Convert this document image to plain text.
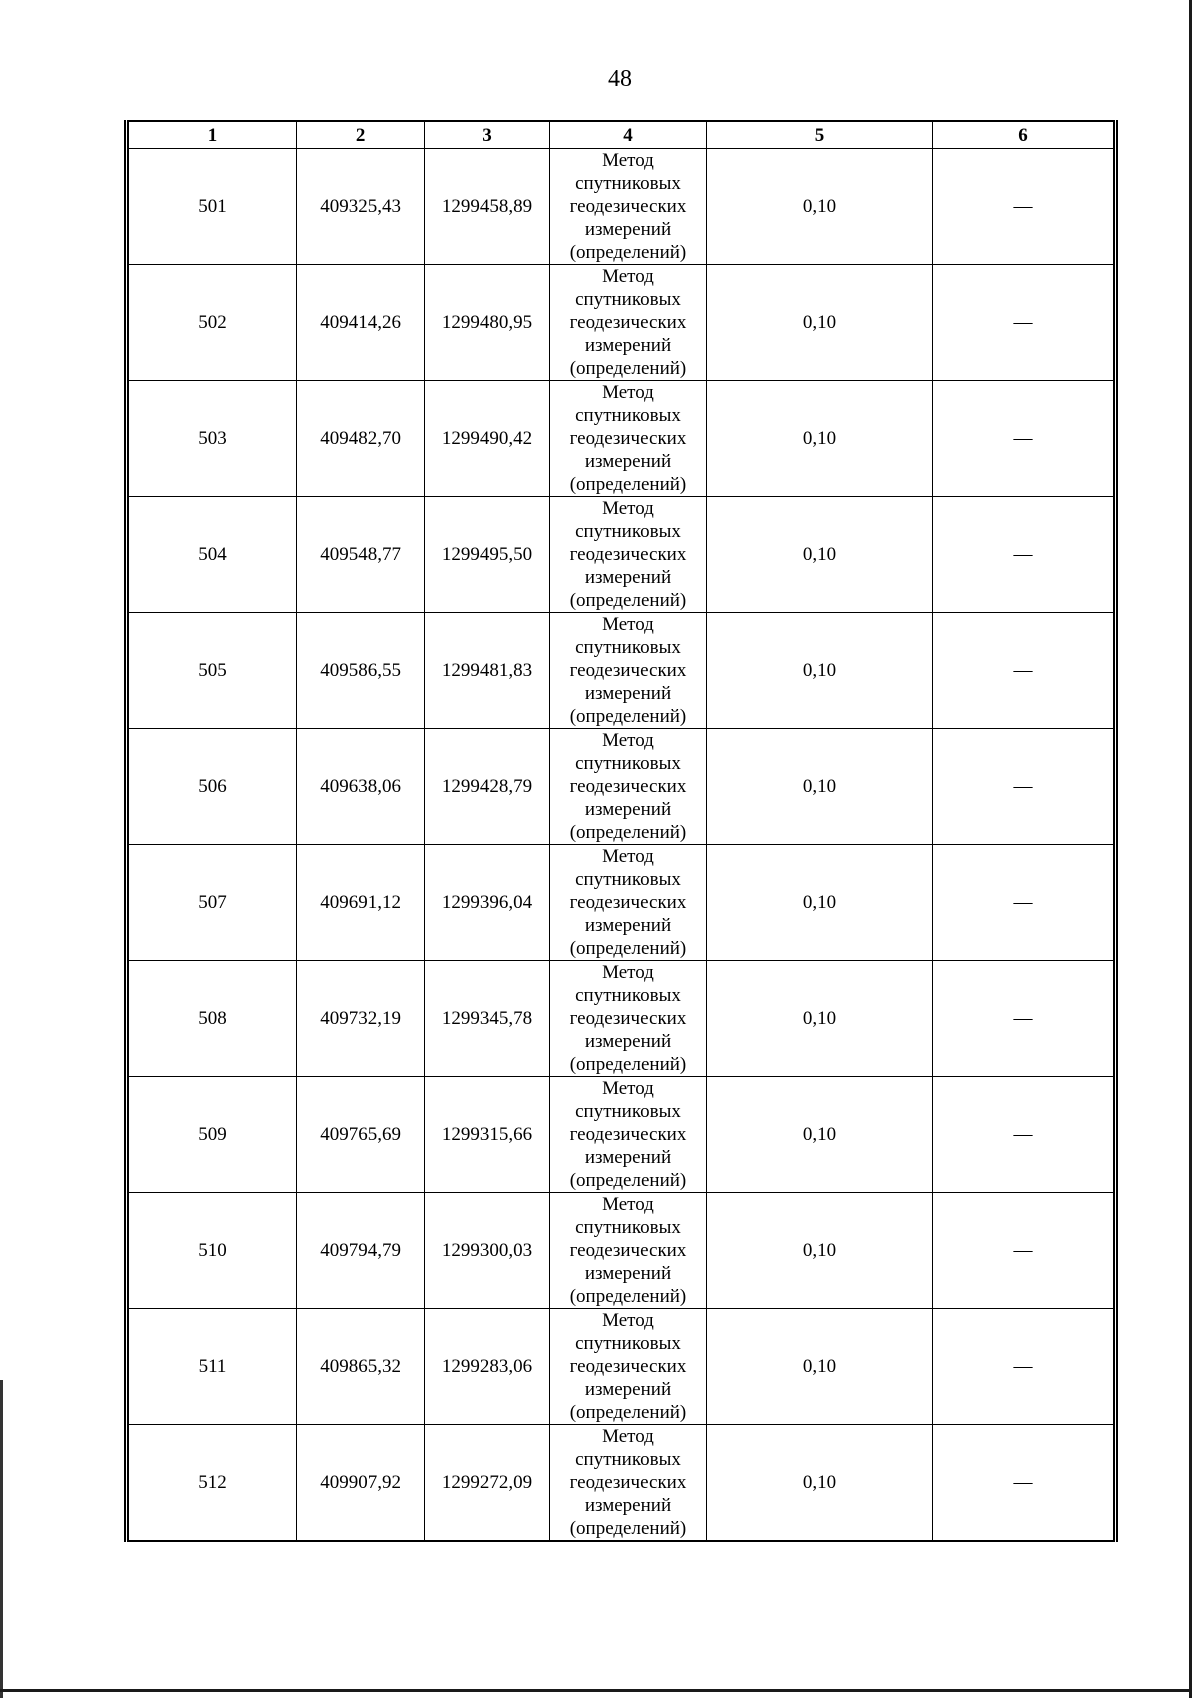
48
1	2	3	4	5	6
501	409325,43	1299458,89	Метод
спутниковых
геодезических
измерений
(определений)	0,10	—
502	409414,26	1299480,95	Метод
спутниковых
геодезических
измерений
(определений)	0,10	—
503	409482,70	1299490,42	Метод
спутниковых
геодезических
измерений
(определений)	0,10	—
504	409548,77	1299495,50	Метод
спутниковых
геодезических
измерений
(определений)	0,10	—
505	409586,55	1299481,83	Метод
спутниковых
геодезических
измерений
(определений)	0,10	—
506	409638,06	1299428,79	Метод
спутниковых
геодезических
измерений
(определений)	0,10	—
507	409691,12	1299396,04	Метод
спутниковых
геодезических
измерений
(определений)	0,10	—
508	409732,19	1299345,78	Метод
спутниковых
геодезических
измерений
(определений)	0,10	—
509	409765,69	1299315,66	Метод
спутниковых
геодезических
измерений
(определений)	0,10	—
510	409794,79	1299300,03	Метод
спутниковых
геодезических
измерений
(определений)	0,10	—
511	409865,32	1299283,06	Метод
спутниковых
геодезических
измерений
(определений)	0,10	—
512	409907,92	1299272,09	Метод
спутниковых
геодезических
измерений
(определений)	0,10	—
